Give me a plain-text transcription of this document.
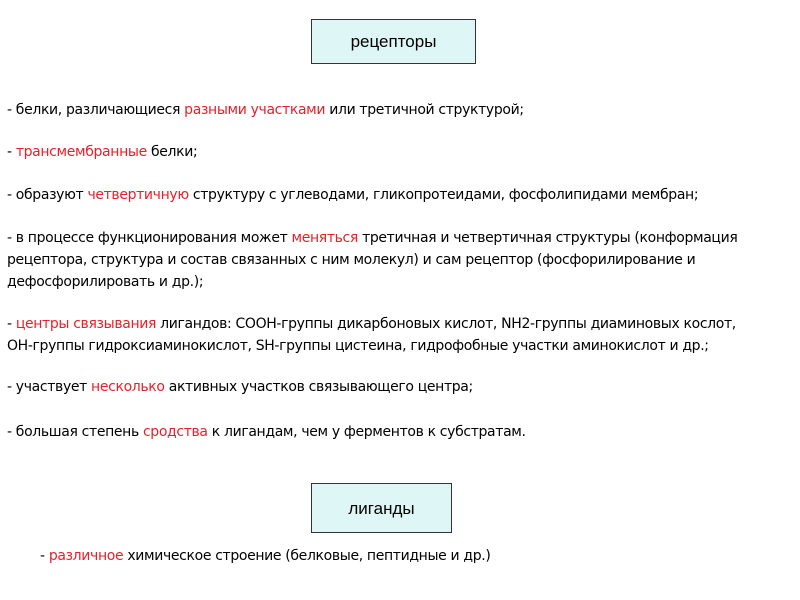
рецепторы

- белки, различающиеся разными участками или третичной структурой;

- трансмембранные белки;

- образуют четвертичную структуру с углеводами, гликопротеидами, фосфолипидами мембран;

- в процессе функционирования может меняться третичная и четвертичная структуры (конформация
рецептора, структура и состав связанных с ним молекул) и сам рецептор (фосфорилирование и
дефосфорилировать и др.);

- центры связывания лигандов: СООН-группы дикарбоновых кислот, NH2-группы диаминовых кослот,
ОН-группы гидроксиаминокислот, SH-группы цистеина, гидрофобные участки аминокислот и др.;

- участвует несколько активных участков связывающего центра;

- большая степень сродства к лигандам, чем у ферментов к субстратам.

лиганды

- различное химическое строение (белковые, пептидные и др.)
